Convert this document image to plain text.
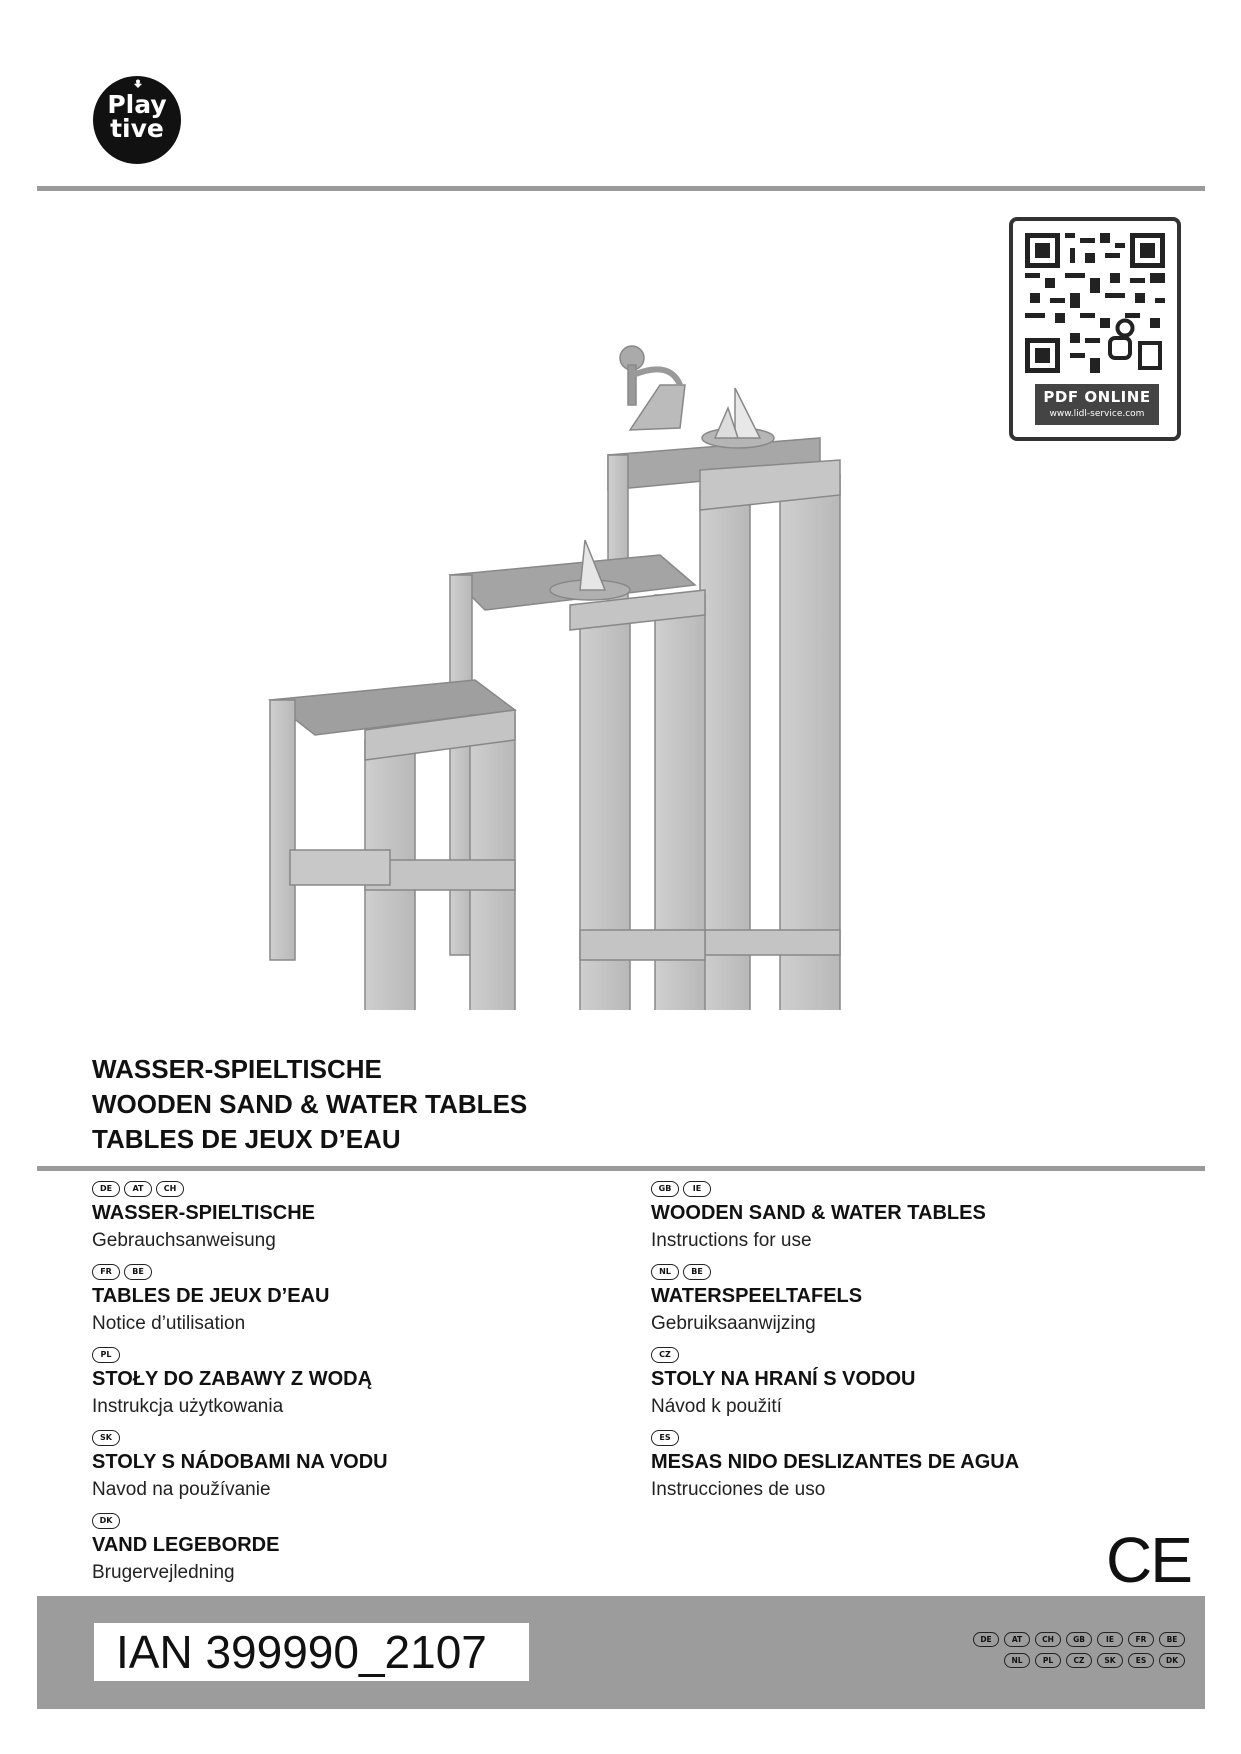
Play
tive
PDF ONLINE
www.lidl-service.com
WASSER-SPIELTISCHE
WOODEN SAND & WATER TABLES
TABLES DE JEUX D’EAU
DE	AT	CH
WASSER-SPIELTISCHE
Gebrauchsanweisung
FR	BE
TABLES DE JEUX D’EAU
Notice d’utilisation
PL
STOŁY DO ZABAWY Z WODĄ
Instrukcja użytkowania
SK
STOLY S NÁDOBAMI NA VODU
Navod na používanie
DK
VAND LEGEBORDE
Brugervejledning
GB	IE
WOODEN SAND & WATER TABLES
Instructions for use
NL	BE
WATERSPEELTAFELS
Gebruiksaanwijzing
CZ
STOLY NA HRANÍ S VODOU
Návod k použití
ES
MESAS NIDO DESLIZANTES DE AGUA
Instrucciones de uso
CE
IAN 399990_2107	DE	AT	CH	GB	IE	FR	BE
NL	PL	CZ	SK	ES	DK
